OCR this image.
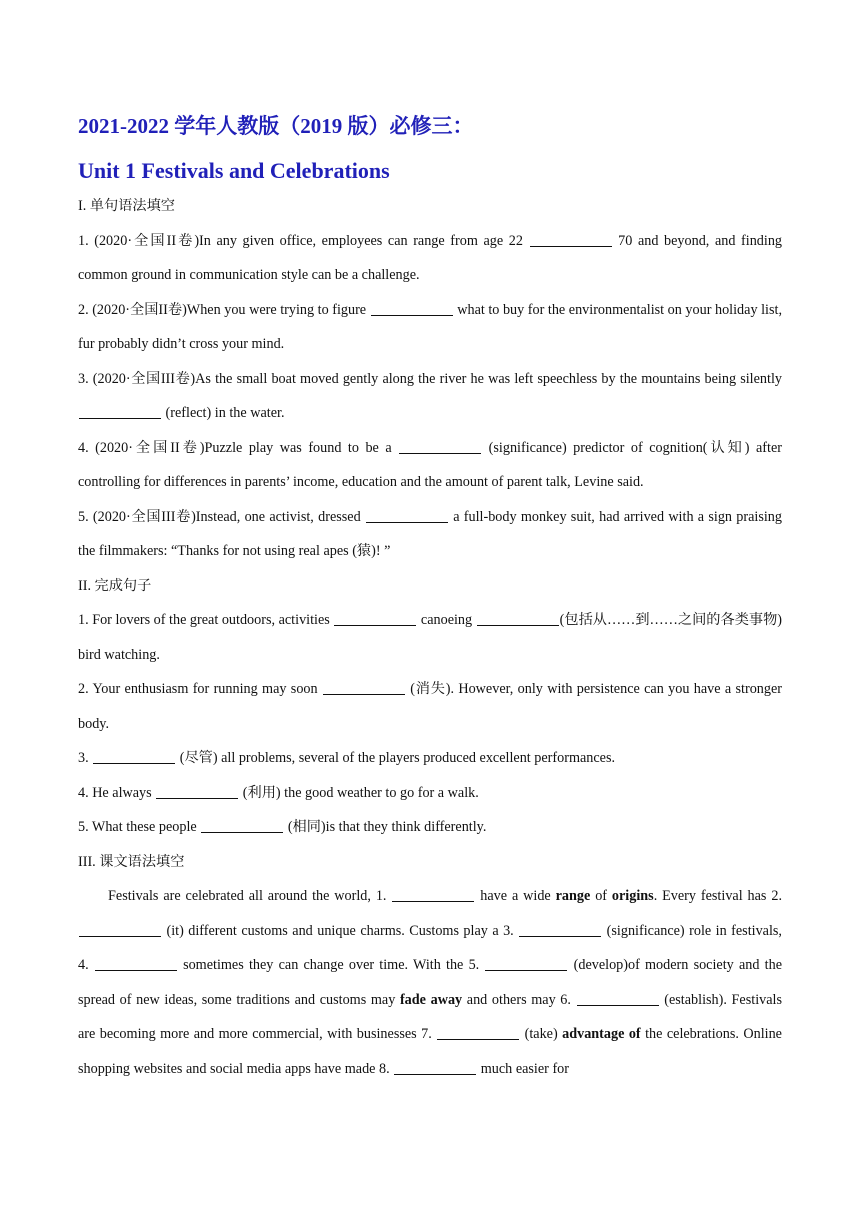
2021-2022 学年人教版（2019 版）必修三：
Unit 1 Festivals and Celebrations
I. 单句语法填空
1. (2020·全国II卷)In any given office, employees can range from age 22	70 and beyond, and finding common ground in communication style can be a challenge.
2. (2020·全国II卷)When you were trying to figure	what to buy for the environmentalist on your holiday list, fur probably didn’t cross your mind.
3. (2020·全国III卷)As the small boat moved gently along the river he was left speechless by the mountains being silently  (reflect) in the water.
4. (2020·全国II卷)Puzzle play was found to be a	(significance) predictor of cognition(认知) after controlling for differences in parents’ income, education and the amount of parent talk, Levine said.
5. (2020·全国III卷)Instead, one activist, dressed	a full-body monkey suit, had arrived with a sign praising the filmmakers: “Thanks for not using real apes (猿)! ”
II. 完成句子
1. For lovers of the great outdoors, activities	canoeing	(包括从……到……之间的各类事物) bird watching.
2. Your enthusiasm for running may soon	(消失). However, only with persistence can you have a stronger body.
3.	(尽管) all problems, several of the players produced excellent performances.
4. He always	(利用) the good weather to go for a walk.
5. What these people	(相同)is that they think differently.
III. 课文语法填空
Festivals are celebrated all around the world, 1.	have a wide range of origins. Every festival has 2.  (it) different customs and unique charms. Customs play a 3.	(significance) role in festivals, 4.	sometimes they can change over time. With the 5.	(develop)of modern society and the spread of new ideas, some traditions and customs may fade away and others may 6.	(establish). Festivals are becoming more and more commercial, with businesses 7.	(take) advantage of the celebrations. Online shopping websites and social media apps have made 8.	much easier for
